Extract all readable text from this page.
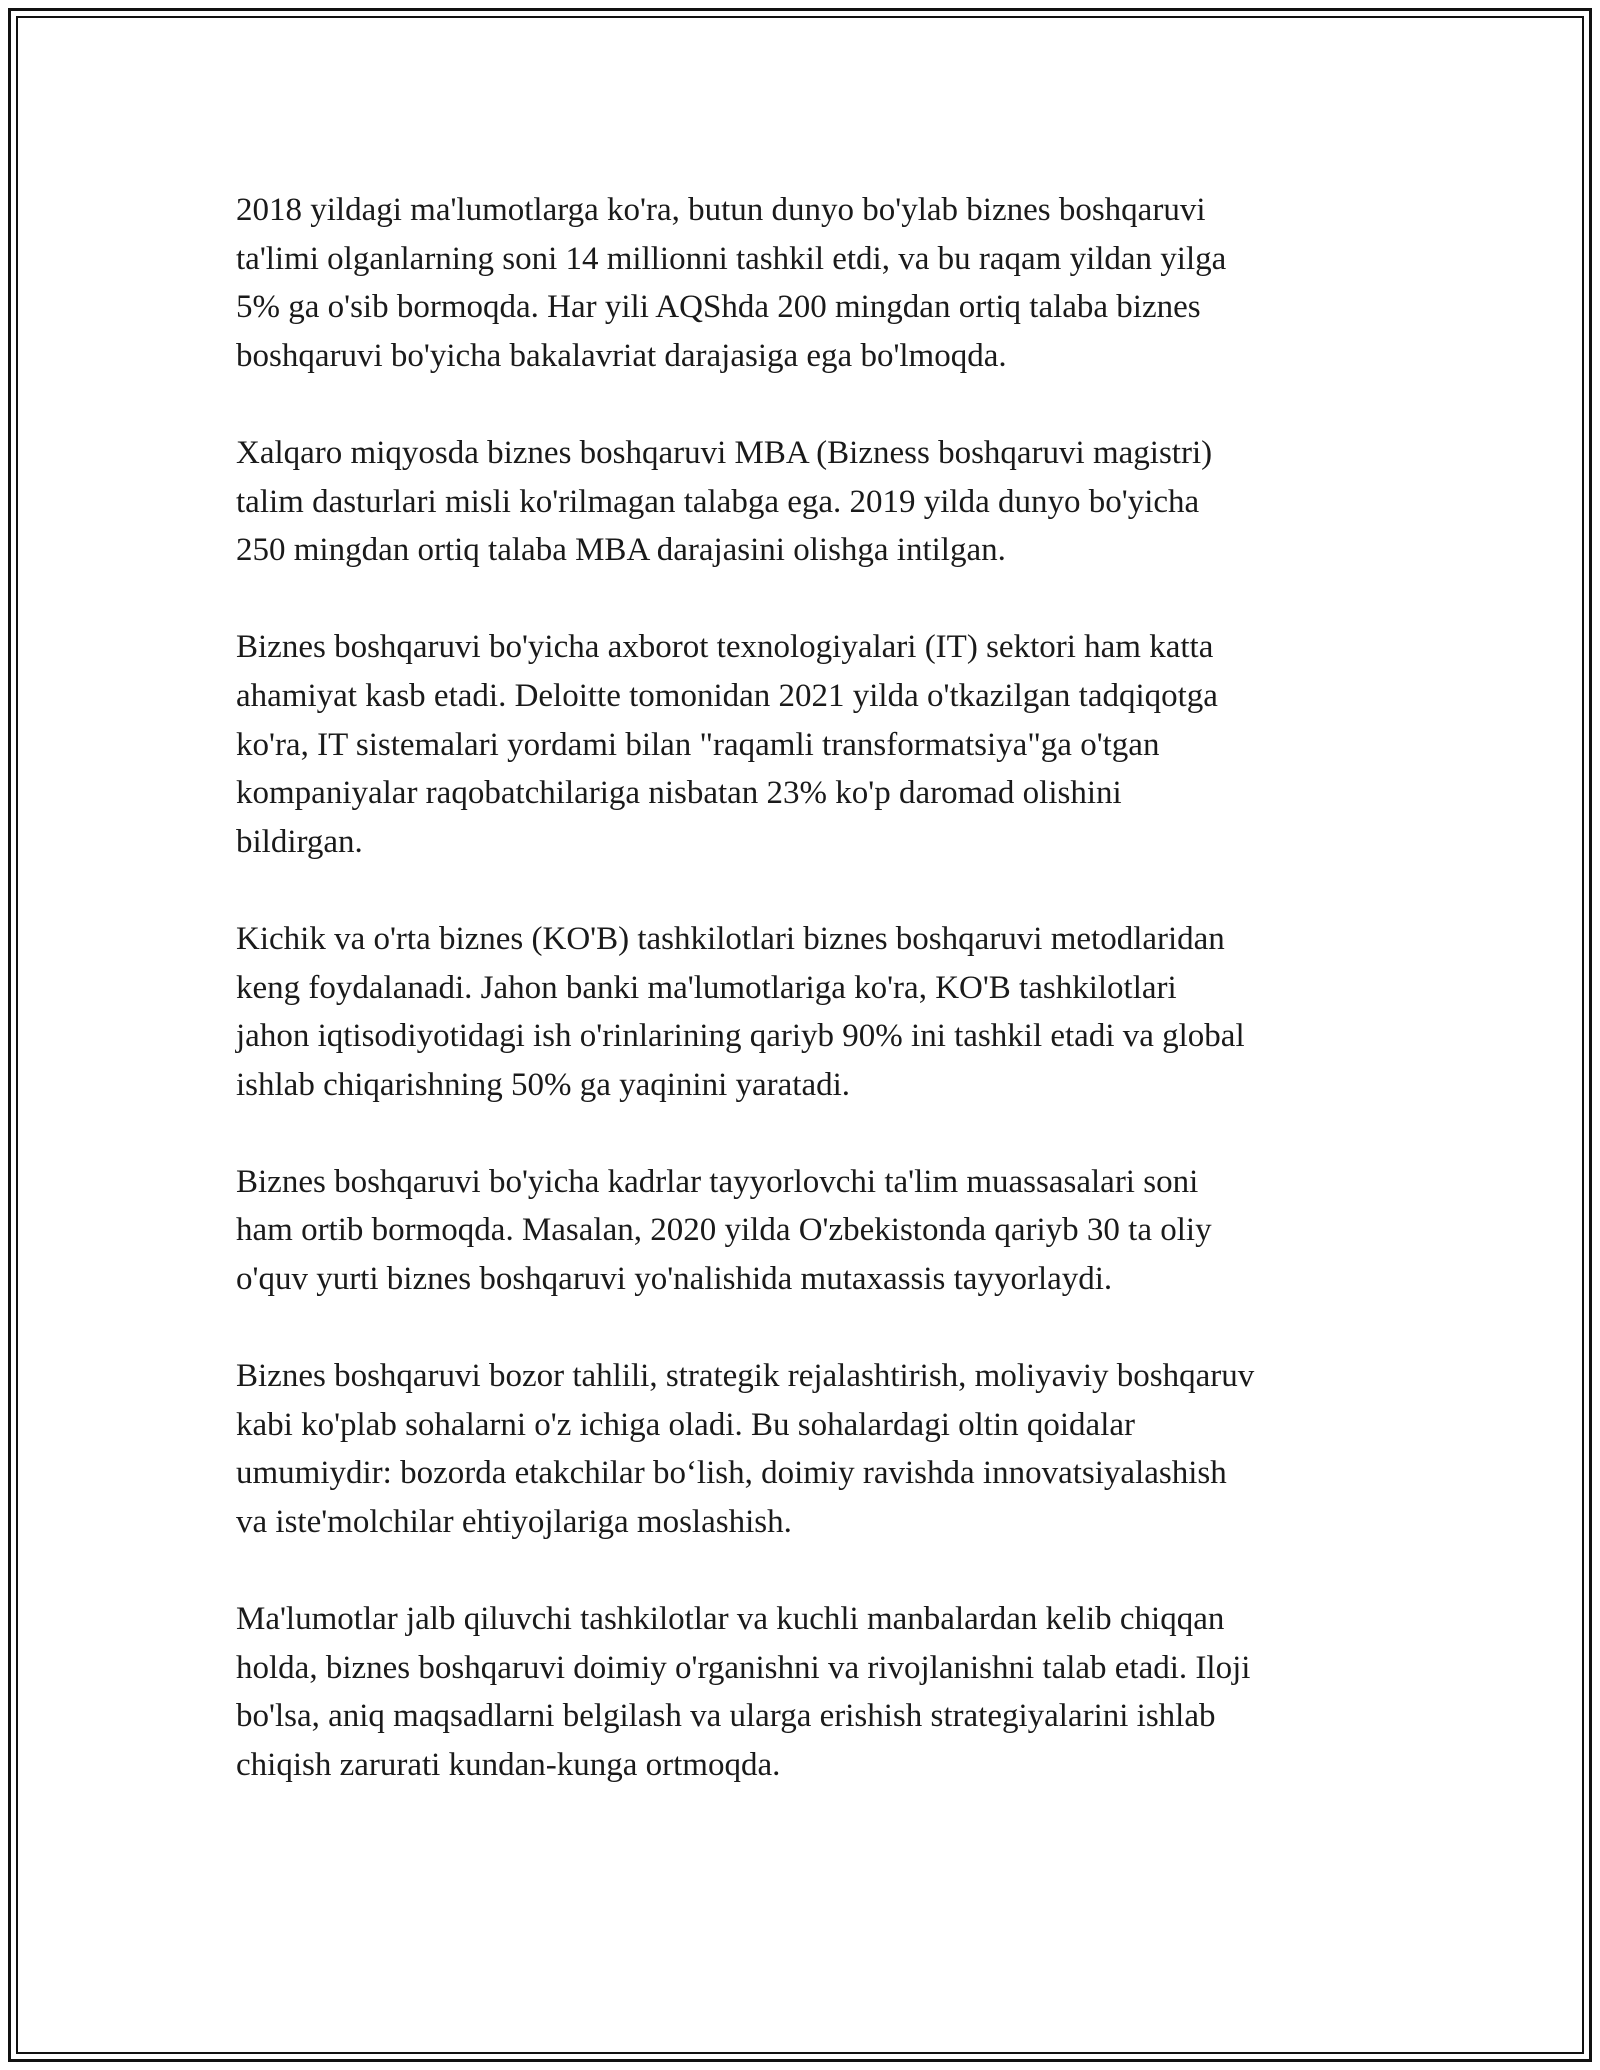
2018 yildagi ma'lumotlarga ko'ra, butun dunyo bo'ylab biznes boshqaruvi
ta'limi olganlarning soni 14 millionni tashkil etdi, va bu raqam yildan yilga
5% ga o'sib bormoqda. Har yili AQShda 200 mingdan ortiq talaba biznes
boshqaruvi bo'yicha bakalavriat darajasiga ega bo'lmoqda.

Xalqaro miqyosda biznes boshqaruvi MBA (Bizness boshqaruvi magistri)
talim dasturlari misli ko'rilmagan talabga ega. 2019 yilda dunyo bo'yicha
250 mingdan ortiq talaba MBA darajasini olishga intilgan.

Biznes boshqaruvi bo'yicha axborot texnologiyalari (IT) sektori ham katta
ahamiyat kasb etadi. Deloitte tomonidan 2021 yilda o'tkazilgan tadqiqotga
ko'ra, IT sistemalari yordami bilan "raqamli transformatsiya"ga o'tgan
kompaniyalar raqobatchilariga nisbatan 23% ko'p daromad olishini
bildirgan.

Kichik va o'rta biznes (KO'B) tashkilotlari biznes boshqaruvi metodlaridan
keng foydalanadi. Jahon banki ma'lumotlariga ko'ra, KO'B tashkilotlari
jahon iqtisodiyotidagi ish o'rinlarining qariyb 90% ini tashkil etadi va global
ishlab chiqarishning 50% ga yaqinini yaratadi.

Biznes boshqaruvi bo'yicha kadrlar tayyorlovchi ta'lim muassasalari soni
ham ortib bormoqda. Masalan, 2020 yilda O'zbekistonda qariyb 30 ta oliy
o'quv yurti biznes boshqaruvi yo'nalishida mutaxassis tayyorlaydi.

Biznes boshqaruvi bozor tahlili, strategik rejalashtirish, moliyaviy boshqaruv
kabi ko'plab sohalarni o'z ichiga oladi. Bu sohalardagi oltin qoidalar
umumiydir: bozorda etakchilar bo‘lish, doimiy ravishda innovatsiyalashish
va iste'molchilar ehtiyojlariga moslashish.

Ma'lumotlar jalb qiluvchi tashkilotlar va kuchli manbalardan kelib chiqqan
holda, biznes boshqaruvi doimiy o'rganishni va rivojlanishni talab etadi. Iloji
bo'lsa, aniq maqsadlarni belgilash va ularga erishish strategiyalarini ishlab
chiqish zarurati kundan-kunga ortmoqda.
